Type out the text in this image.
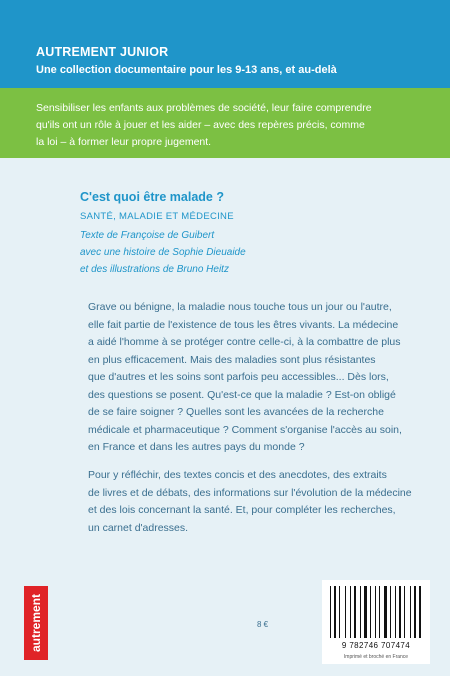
AUTREMENT JUNIOR
Une collection documentaire pour les 9-13 ans, et au-delà
Sensibiliser les enfants aux problèmes de société, leur faire comprendre
qu'ils ont un rôle à jouer et les aider – avec des repères précis, comme
la loi – à former leur propre jugement.
C'est quoi être malade ?
SANTÉ, MALADIE ET MÉDECINE
Texte de Françoise de Guibert
avec une histoire de Sophie Dieuaide
et des illustrations de Bruno Heitz
Grave ou bénigne, la maladie nous touche tous un jour ou l'autre,
elle fait partie de l'existence de tous les êtres vivants. La médecine
a aidé l'homme à se protéger contre celle-ci, à la combattre de plus
en plus efficacement. Mais des maladies sont plus résistantes
que d'autres et les soins sont parfois peu accessibles... Dès lors,
des questions se posent. Qu'est-ce que la maladie ? Est-on obligé
de se faire soigner ? Quelles sont les avancées de la recherche
médicale et pharmaceutique ? Comment s'organise l'accès au soin,
en France et dans les autres pays du monde ?
Pour y réfléchir, des textes concis et des anecdotes, des extraits
de livres et de débats, des informations sur l'évolution de la médecine
et des lois concernant la santé. Et, pour compléter les recherches,
un carnet d'adresses.
autrement	8 €
9 782746 707474
Imprimé et broché en France
